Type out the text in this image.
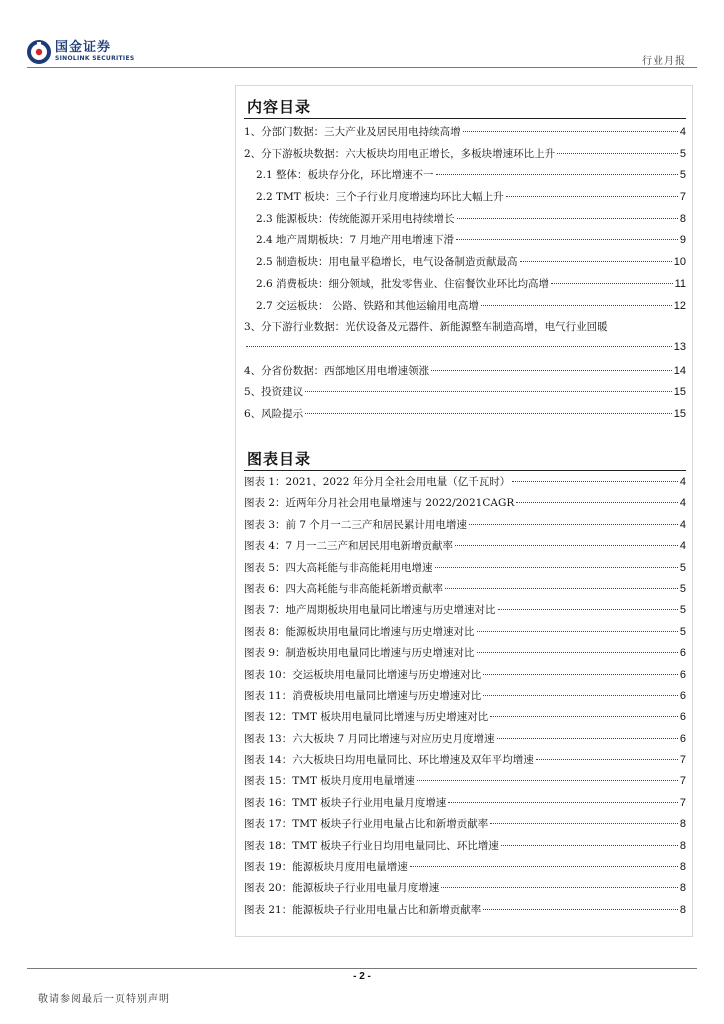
国金证券
SINOLINK SECURITIES	行业月报
内容目录
1、分部门数据：三大产业及居民用电持续高增	4
2、分下游板块数据：六大板块均用电正增长，多板块增速环比上升	5
2.1 整体：板块存分化，环比增速不一	5
2.2 TMT 板块：三个子行业月度增速均环比大幅上升	7
2.3 能源板块：传统能源开采用电持续增长	8
2.4 地产周期板块：7 月地产用电增速下滑	9
2.5 制造板块：用电量平稳增长，电气设备制造贡献最高	10
2.6 消费板块：细分领域，批发零售业、住宿餐饮业环比均高增	11
2.7 交运板块： 公路、铁路和其他运输用电高增	12
3、分下游行业数据：光伏设备及元器件、新能源整车制造高增，电气行业回暖
13
4、分省份数据：西部地区用电增速领涨	14
5、投资建议	15
6、风险提示	15
图表目录
图表 1：2021、2022 年分月全社会用电量（亿千瓦时）	4
图表 2：近两年分月社会用电量增速与 2022/2021CAGR	4
图表 3：前 7 个月一二三产和居民累计用电增速	4
图表 4：7 月一二三产和居民用电新增贡献率	4
图表 5：四大高耗能与非高能耗用电增速	5
图表 6：四大高耗能与非高能耗新增贡献率	5
图表 7：地产周期板块用电量同比增速与历史增速对比	5
图表 8：能源板块用电量同比增速与历史增速对比	5
图表 9：制造板块用电量同比增速与历史增速对比	6
图表 10：交运板块用电量同比增速与历史增速对比	6
图表 11：消费板块用电量同比增速与历史增速对比	6
图表 12：TMT 板块用电量同比增速与历史增速对比	6
图表 13：六大板块 7 月同比增速与对应历史月度增速	6
图表 14：六大板块日均用电量同比、环比增速及双年平均增速	7
图表 15：TMT 板块月度用电量增速	7
图表 16：TMT 板块子行业用电量月度增速	7
图表 17：TMT 板块子行业用电量占比和新增贡献率	8
图表 18：TMT 板块子行业日均用电量同比、环比增速	8
图表 19：能源板块月度用电量增速	8
图表 20：能源板块子行业用电量月度增速	8
图表 21：能源板块子行业用电量占比和新增贡献率	8
- 2 -
敬请参阅最后一页特别声明
